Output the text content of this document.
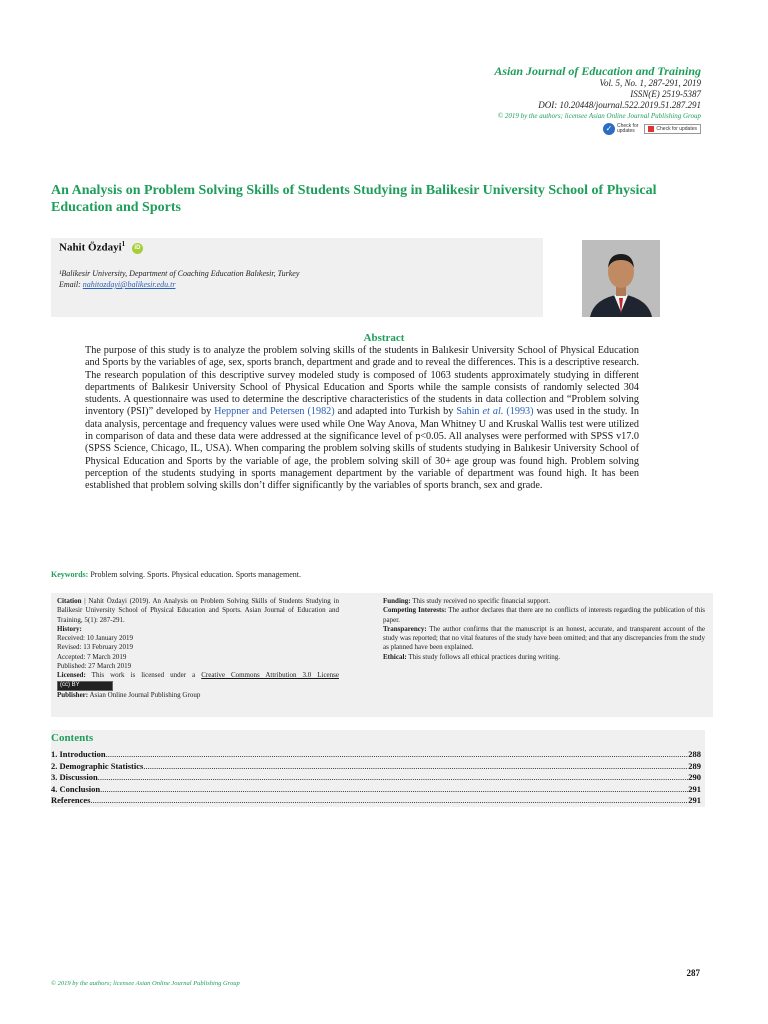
Asian Journal of Education and Training
Vol. 5, No. 1, 287-291, 2019
ISSN(E) 2519-5387
DOI: 10.20448/journal.522.2019.51.287.291
© 2019 by the authors; licensee Asian Online Journal Publishing Group
✓ Check for
updates	Check for updates
An Analysis on Problem Solving Skills of Students Studying in Balikesir University School of Physical Education and Sports
Nahit Özdayi$^1$ iD
¹Balikesir University, Department of Coaching Education Balıkesir, Turkey
Email: nahitozdayi@balikesir.edu.tr
Abstract
The purpose of this study is to analyze the problem solving skills of the students in Balıkesir University School of Physical Education and Sports by the variables of age, sex, sports branch, department and grade and to reveal the differences. This is a descriptive research. The research population of this descriptive survey modeled study is composed of 1063 students approximately studying in different departments of Balıkesir University School of Physical Education and Sports while the sample consists of randomly selected 304 students. A questionnaire was used to determine the descriptive characteristics of the students in data collection and “Problem solving inventory (PSI)” developed by Heppner and Petersen (1982) and adapted into Turkish by Sahin et al. (1993) was used in the study. In data analysis, percentage and frequency values were used while One Way Anova, Man Whitney U and Kruskal Wallis test were utilized in comparison of data and these data were addressed at the significance level of p<0.05. All analyses were performed with SPSS v17.0 (SPSS Science, Chicago, IL, USA). When comparing the problem solving skills of students studying in Balıkesir University School of Physical Education and Sports by the variable of age, the problem solving skill of 30+ age group was found high. Problem solving perception of the students studying in sports management department by the variable of department was found high. It has been established that problem solving skills don’t differ significantly by the variables of sports branch, sex and grade.
Keywords: Problem solving. Sports. Physical education. Sports management.
Citation | Nahit Özdayi (2019). An Analysis on Problem Solving Skills of Students Studying in Balikesir University School of Physical Education and Sports. Asian Journal of Education and Training, 5(1): 287-291.
History:
Received: 10 January 2019
Revised: 13 February 2019
Accepted: 7 March 2019
Published: 27 March 2019
Licensed: This work is licensed under a Creative Commons Attribution 3.0 License
(cc) BY
Publisher: Asian Online Journal Publishing Group
Funding: This study received no specific financial support.
Competing Interests: The author declares that there are no conflicts of interests regarding the publication of this paper.
Transparency: The author confirms that the manuscript is an honest, accurate, and transparent account of the study was reported; that no vital features of the study have been omitted; and that any discrepancies from the study as planned have been explained.
Ethical: This study follows all ethical practices during writing.
Contents
1. Introduction .....	288
2. Demographic Statistics .....	289
3. Discussion .....	290
4. Conclusion .....	291
References .....	291
287
© 2019 by the authors; licensee Asian Online Journal Publishing Group
